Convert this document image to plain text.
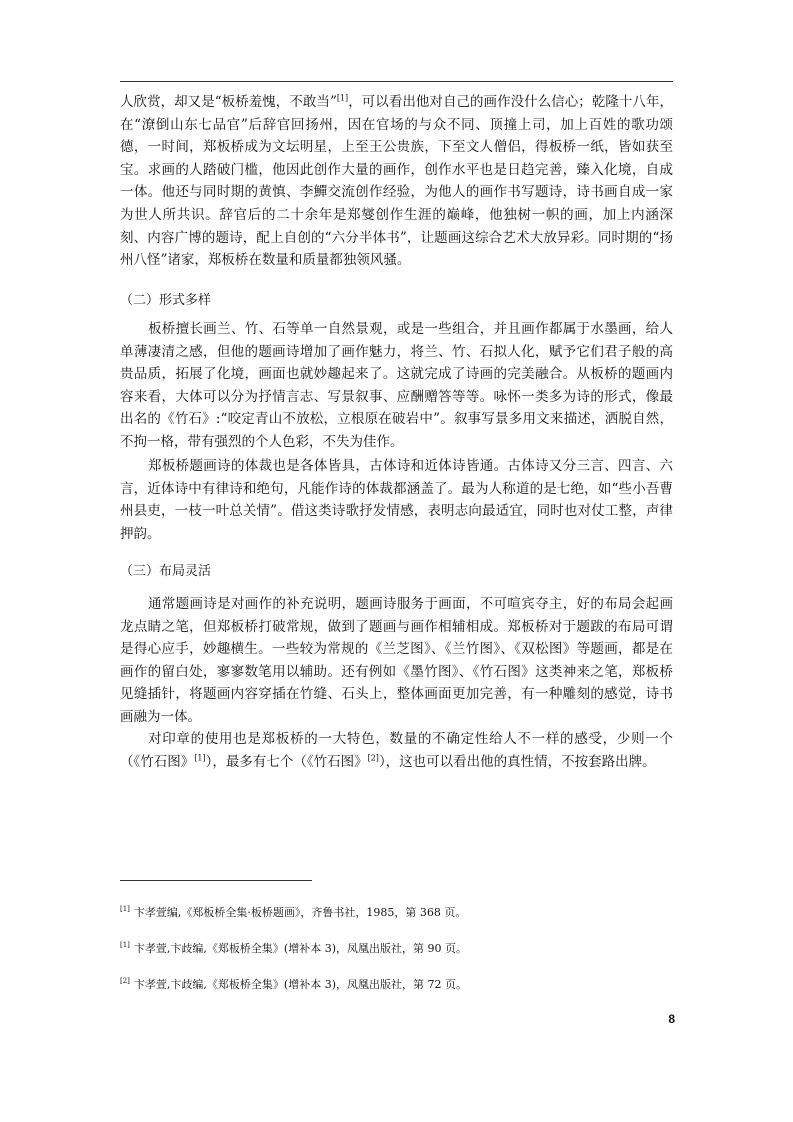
人欣赏，却又是“板桥羞愧，不敢当”[1]，可以看出他对自己的画作没什么信心；乾隆十八年，在“潦倒山东七品官”后辞官回扬州，因在官场的与众不同、顶撞上司，加上百姓的歌功颂德，一时间，郑板桥成为文坛明星，上至王公贵族，下至文人僧侣，得板桥一纸，皆如获至宝。求画的人踏破门槛，他因此创作大量的画作，创作水平也是日趋完善，臻入化境，自成一体。他还与同时期的黄慎、李鱓交流创作经验，为他人的画作书写题诗，诗书画自成一家为世人所共识。辞官后的二十余年是郑燮创作生涯的巅峰，他独树一帜的画，加上内涵深刻、内容广博的题诗，配上自创的“六分半体书”，让题画这综合艺术大放异彩。同时期的“扬州八怪”诸家，郑板桥在数量和质量都独领风骚。

（二）形式多样

板桥擅长画兰、竹、石等单一自然景观，或是一些组合，并且画作都属于水墨画，给人单薄凄清之感，但他的题画诗增加了画作魅力，将兰、竹、石拟人化，赋予它们君子般的高贵品质，拓展了化境，画面也就妙趣起来了。这就完成了诗画的完美融合。从板桥的题画内容来看，大体可以分为抒情言志、写景叙事、应酬赠答等等。咏怀一类多为诗的形式，像最出名的《竹石》:“咬定青山不放松，立根原在破岩中”。叙事写景多用文来描述，洒脱自然，不拘一格，带有强烈的个人色彩，不失为佳作。

郑板桥题画诗的体裁也是各体皆具，古体诗和近体诗皆通。古体诗又分三言、四言、六言，近体诗中有律诗和绝句，凡能作诗的体裁都涵盖了。最为人称道的是七绝，如“些小吾曹州县吏，一枝一叶总关情”。借这类诗歌抒发情感，表明志向最适宜，同时也对仗工整，声律押韵。

（三）布局灵活

通常题画诗是对画作的补充说明，题画诗服务于画面，不可喧宾夺主，好的布局会起画龙点睛之笔，但郑板桥打破常规，做到了题画与画作相辅相成。郑板桥对于题跋的布局可谓是得心应手，妙趣横生。一些较为常规的《兰芝图》、《兰竹图》、《双松图》等题画，都是在画作的留白处，寥寥数笔用以辅助。还有例如《墨竹图》、《竹石图》这类神来之笔，郑板桥见缝插针，将题画内容穿插在竹缝、石头上，整体画面更加完善，有一种雕刻的感觉，诗书画融为一体。

对印章的使用也是郑板桥的一大特色，数量的不确定性给人不一样的感受，少则一个（《竹石图》[1]），最多有七个（《竹石图》[2]），这也可以看出他的真性情，不按套路出牌。

[1] 卞孝萱编,《郑板桥全集·板桥题画》，齐鲁书社，1985，第 368 页。

[1] 卞孝萱,卞歧编,《郑板桥全集》(增补本 3)，凤凰出版社，第 90 页。

[2] 卞孝萱,卞歧编,《郑板桥全集》(增补本 3)，凤凰出版社，第 72 页。

8
